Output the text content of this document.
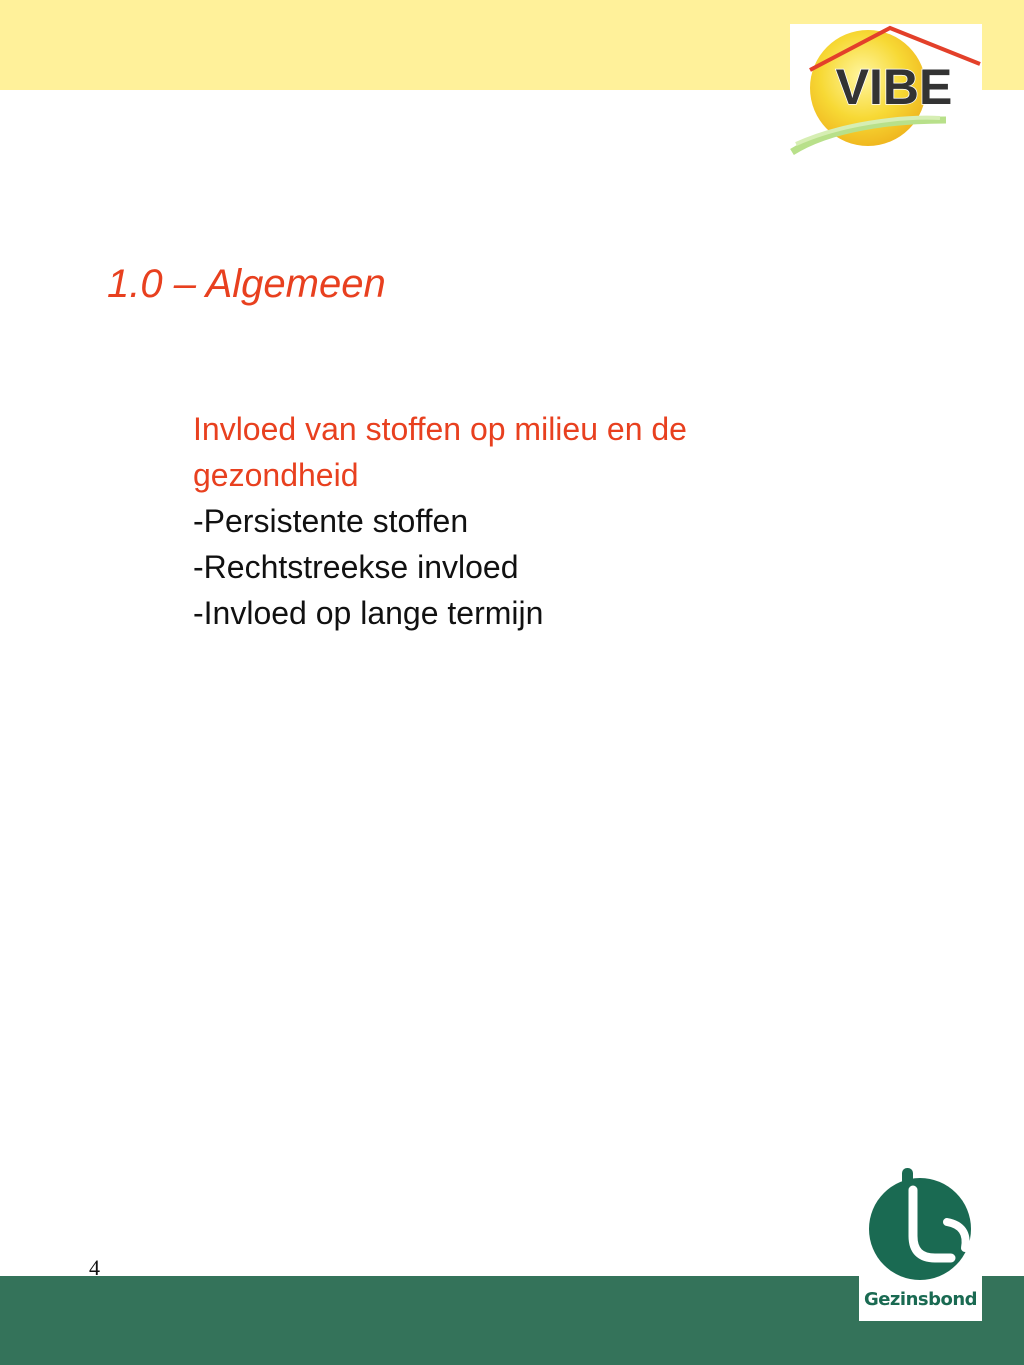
VIBE
1.0 – Algemeen

Invloed van stoffen op milieu en de gezondheid

-Persistente stoffen
-Rechtstreekse invloed
-Invloed op lange termijn
4
Gezinsbond
